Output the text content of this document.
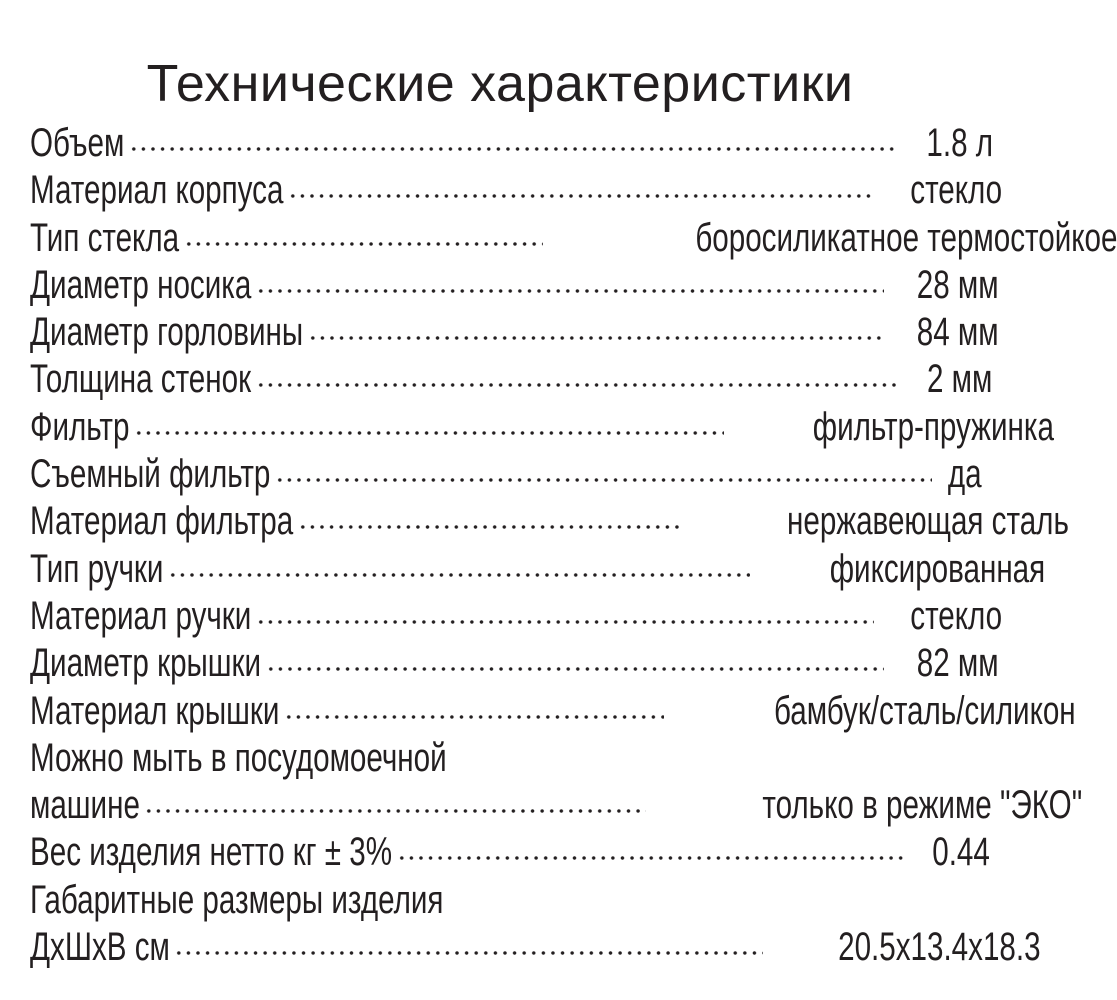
Технические характеристики
Объем	1.8 л
Материал корпуса	стекло
Тип стекла	боросиликатное термостойкое
Диаметр носика	28 мм
Диаметр горловины	84 мм
Толщина стенок	2 мм
Фильтр	фильтр-пружинка
Съемный фильтр	да
Материал фильтра	нержавеющая сталь
Тип ручки	фиксированная
Материал ручки	стекло
Диаметр крышки	82 мм
Материал крышки	бамбук/сталь/силикон
Можно мыть в посудомоечной
машине	только в режиме "ЭКО"
Вес изделия нетто кг ± 3%	0.44
Габаритные размеры изделия
ДхШхВ см	20.5x13.4x18.3
